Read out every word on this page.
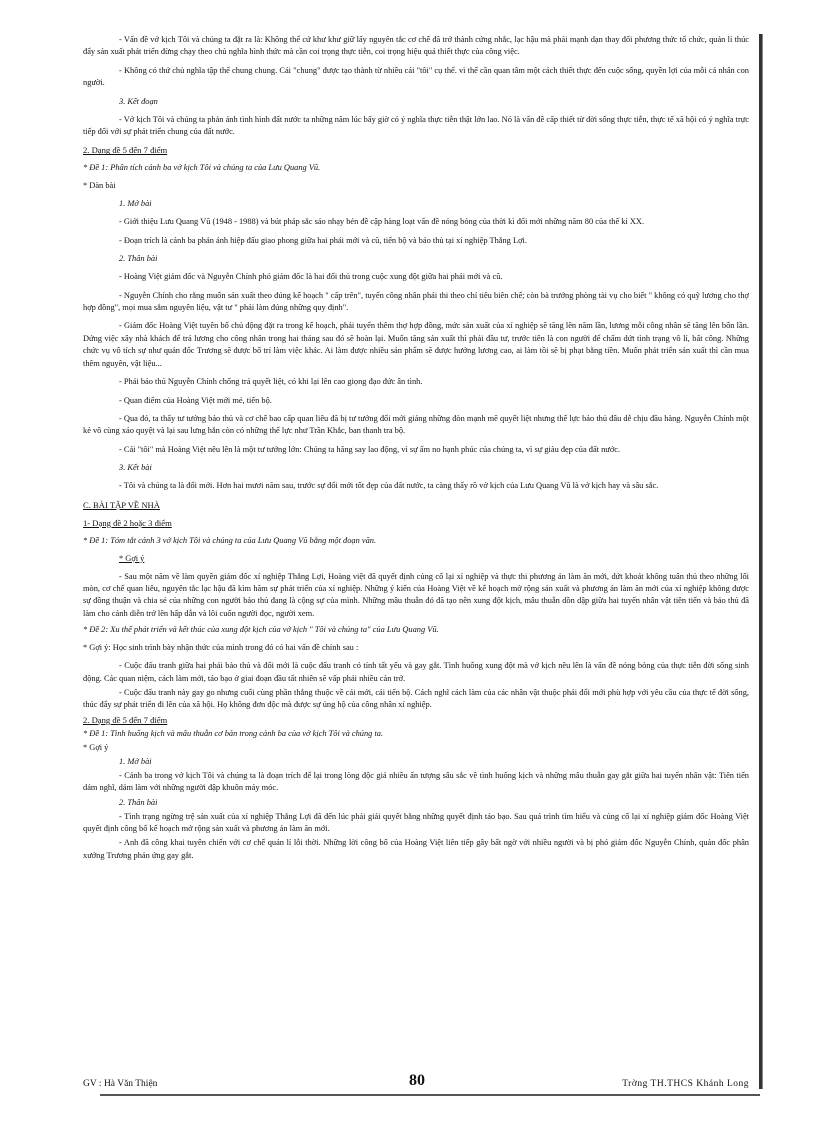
- Vấn đề vở kịch Tôi và chúng ta đặt ra là: Không thể cứ khư khư giữ lấy nguyên tắc cơ chế đã trở thành cứng nhắc, lạc hậu mà phải mạnh dạn thay đổi phương thức tổ chức, quản lí thúc đẩy sản xuất phát triển đừng chạy theo chủ nghĩa hình thức mà cần coi trọng thực tiễn, coi trọng hiệu quả thiết thực của công việc.

- Không có thứ chủ nghĩa tập thể chung chung. Cái "chung" được tạo thành từ nhiều cái "tôi" cụ thể. vì thế cần quan tâm một cách thiết thực đến cuộc sống, quyền lợi của mỗi cá nhân con người.

3. Kết đoạn

- Vở kịch Tôi và chúng ta phản ánh tình hình đất nước ta những năm lúc bấy giờ có ý nghĩa thực tiễn thật lớn lao. Nó là vấn đề cấp thiết từ đời sống thực tiễn, thực tế xã hội có ý nghĩa trực tiếp đối với sự phát triển chung của đất nước.

2. Dạng đề 5 đến 7 điểm

* Đề 1: Phân tích cảnh ba vở kịch Tôi và chúng ta của Lưu Quang Vũ.

* Dàn bài

1. Mở bài

- Giới thiệu Lưu Quang Vũ (1948 - 1988) và bút pháp sắc sảo nhạy bén đề cập hàng loạt vấn đề nóng bỏng của thời kì đổi mới những năm 80 của thế kỉ XX.

- Đoạn trích là cảnh ba phản ánh hiệp đấu giao phong giữa hai phái mới và cũ, tiến bộ và bảo thủ tại xí nghiệp Thắng Lợi.

2. Thân bài

- Hoàng Việt giám đốc và Nguyễn Chính phó giám đốc là hai đối thủ trong cuộc xung đột giữa hai phái mới và cũ.

- Nguyễn Chính cho rằng muốn sản xuất theo đúng kế hoạch " cấp trên", tuyển công nhân phải thi theo chỉ tiêu biên chế; còn bà trưởng phòng tài vụ cho biết " không có quỹ lương cho thợ hợp đồng", mọi mua sắm nguyên liệu, vật tư " phải làm đúng những quy định".

- Giám đốc Hoàng Việt tuyên bố chủ động đặt ra trong kế hoạch, phải tuyển thêm thợ hợp đồng, mức sản xuất của xí nghiệp sẽ tăng lên năm lần, lương mỗi công nhân sẽ tăng lên bốn lần. Dứng việc xây nhà khách để trả lương cho công nhân trong hai tháng sau đó sẽ hoàn lại. Muốn tăng sản xuất thì phải đầu tư, trước tiên là con người để chấm dứt tình trạng vô lí, bất công. Những chức vụ vô tích sự như quản đốc Trương sẽ được bố trí làm việc khác. Ai làm được nhiều sản phẩm sẽ được hưởng lương cao, ai làm tồi sẽ bị phạt bằng tiền. Muốn phát triển sản xuất thì cần mua thêm nguyên, vật liệu...

- Phái bảo thủ Nguyễn Chính chống trả quyết liệt, có khi lại lên cao giọng đạo đức ân tình.

- Quan điểm của Hoàng Việt mới mẻ, tiến bộ.

- Qua đó, ta thấy tư tưởng bảo thủ và cơ chế bao cấp quan liêu đã bị tư tưởng đổi mới giáng những đòn mạnh mẽ quyết liệt nhưng thế lực bảo thủ đâu dễ chịu đầu hàng. Nguyễn Chính một kẻ vô cùng xảo quyệt và lại sau lưng hắn còn có những thế lực như Trần Khắc, ban thanh tra bộ.

- Cái "tôi" mà Hoàng Việt nêu lên là một tư tưởng lớn: Chúng ta hăng say lao động, vì sự ấm no hạnh phúc của chúng ta, vì sự giàu đẹp của đất nước.

3. Kết bài

- Tôi và chúng ta là đổi mới. Hơn hai mươi năm sau, trước sự đổi mới tốt đẹp của đất nước, ta càng thấy rõ vở kịch của Lưu Quang Vũ là vở kịch hay và sâu sắc.

C. BÀI TẬP VỀ NHÀ

1- Dạng đề 2 hoặc 3 điểm

* Đề 1: Tóm tắt cảnh 3 vở kịch Tôi và chúng ta của Lưu Quang Vũ bằng một đoạn văn.

* Gợi ý

- Sau một năm về làm quyền giám đốc xí nghiệp Thắng Lợi, Hoàng việt đã quyết định củng cố lại xí nghiệp và thực thi phương án làm ăn mới, dứt khoát không tuân thủ theo những lối mòn, cơ chế quan liêu, nguyên tắc lạc hậu đã kìm hãm sự phát triển của xí nghiệp. Những ý kiến của Hoàng Việt về kế hoạch mở rộng sản xuất và phương án làm ăn mới của xí nghiệp không được sự đồng thuận và chia sẻ của những con người bảo thủ đang là cộng sự của mình. Những mâu thuẫn đó đã tạo nên xung đột kịch, mâu thuẫn dồn dập giữa hai tuyến nhân vật tiên tiến và bảo thủ đã làm cho cảnh diễn trở lên hấp dẫn và lôi cuốn người đọc, người xem.

* Đề 2: Xu thế phát triển và kết thúc của xung đột kịch của vở kịch " Tôi và chúng ta" của Lưu Quang Vũ.

* Gợi ý: Học sinh trình bày nhận thức của mình trong đó có hai vấn đề chính sau :

- Cuộc đấu tranh giữa hai phái bảo thủ và đổi mới là cuộc đấu tranh có tính tất yếu và gay gắt. Tình huống xung đột mà vở kịch nêu lên là vấn đề nóng bỏng của thực tiễn đời sống sinh động. Các quan niệm, cách làm mới, táo bạo ở giai đoạn đầu tất nhiên sẽ vấp phải nhiều cản trở.

- Cuộc đấu tranh này gay go nhưng cuối cùng phần thắng thuộc về cái mới, cái tiến bộ. Cách nghĩ cách làm của các nhân vật thuộc phái đổi mới phù hợp với yêu cầu của thực tế đời sống, thúc đẩy sự phát triển đi lên của xã hội. Họ không đơn độc mà được sự ủng hộ của công nhân xí nghiệp.

2. Dạng đề 5 đến 7 điểm

* Đề 1: Tình huống kịch và mâu thuẫn cơ bản trong cảnh ba của vở kịch Tôi và chúng ta.

* Gợi ý

1. Mở bài

- Cảnh ba trong vở kịch Tôi và chúng ta là đoạn trích để lại trong lòng độc giả nhiều ấn tượng sâu sắc về tình huống kịch và những mâu thuẫn gay gắt giữa hai tuyến nhân vật: Tiên tiến dám nghĩ, dám làm với những người đập khuôn máy móc.

2. Thân bài

- Tình trạng ngừng trệ sản xuất của xí nghiệp Thắng Lợi đã đến lúc phải giải quyết bằng những quyết định táo bạo. Sau quá trình tìm hiểu và củng cố lại xí nghiệp giám đốc Hoàng Việt quyết định công bố kế hoạch mở rộng sản xuất và phương án làm ăn mới.

- Anh đã công khai tuyên chiến với cơ chế quản lí lỗi thời. Những lời công bố của Hoàng Việt liên tiếp gây bất ngờ với nhiều người và bị phó giám đốc Nguyễn Chính, quản đốc phân xưởng Trương phản ứng gay gắt.

GV : Hà Văn Thiện	80	Trờng TH.THCS Khánh Long
